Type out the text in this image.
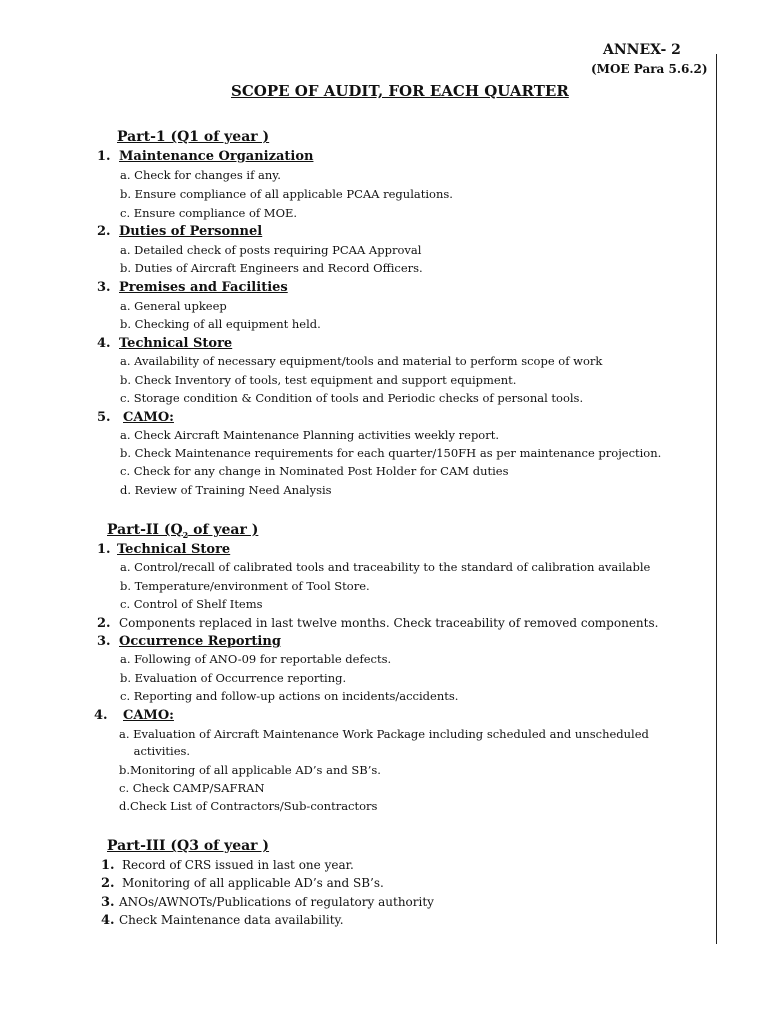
ANNEX- 2
(MOE Para 5.6.2)
SCOPE OF AUDIT, FOR EACH QUARTER
Part-1 (Q1 of year )
1. Maintenance Organization
a. Check for changes if any.
b. Ensure compliance of all applicable PCAA regulations.
c. Ensure compliance of MOE.
2. Duties of Personnel
a. Detailed check of posts requiring PCAA Approval
b. Duties of Aircraft Engineers and Record Officers.
3. Premises and Facilities
a. General upkeep
b. Checking of all equipment held.
4. Technical Store
a. Availability of necessary equipment/tools and material to perform scope of work
b. Check Inventory of tools, test equipment and support equipment.
c. Storage condition & Condition of tools and Periodic checks of personal tools.
5. CAMO:
a. Check Aircraft Maintenance Planning activities weekly report.
b. Check Maintenance requirements for each quarter/150FH as per maintenance projection.
c. Check for any change in Nominated Post Holder for CAM duties
d. Review of Training Need Analysis
Part-II ($Q_2$ of year )
1. Technical Store
a. Control/recall of calibrated tools and traceability to the standard of calibration available
b. Temperature/environment of Tool Store.
c. Control of Shelf Items
2. Components replaced in last twelve months. Check traceability of removed components.
3. Occurrence Reporting
a. Following of ANO-09 for reportable defects.
b. Evaluation of Occurrence reporting.
c. Reporting and follow-up actions on incidents/accidents.
4. CAMO:
a. Evaluation of Aircraft Maintenance Work Package including scheduled and unscheduled
activities.
b.Monitoring of all applicable AD’s and SB’s.
c. Check CAMP/SAFRAN
d.Check List of Contractors/Sub-contractors
Part-III (Q3 of year )
1. Record of CRS issued in last one year.
2. Monitoring of all applicable AD’s and SB’s.
3. ANOs/AWNOTs/Publications of regulatory authority
4. Check Maintenance data availability.
